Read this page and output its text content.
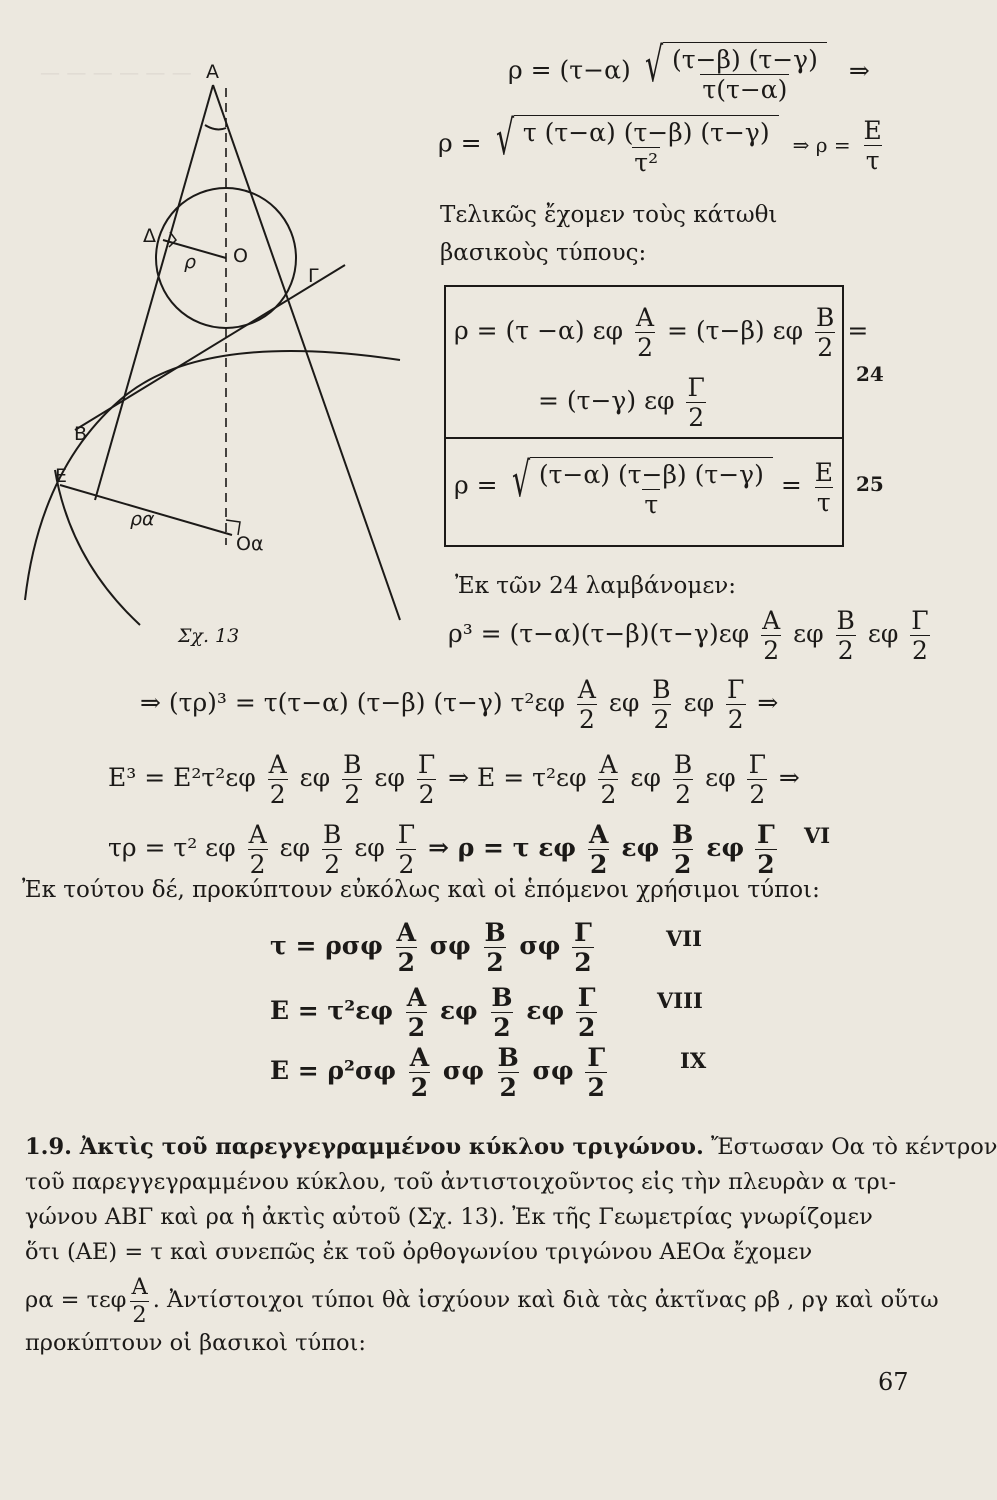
— — — — — — A
Δ
ρ O
Γ
B
E
ρα
Oα
Σχ. 13
ρ = (τ−α) √ $\frac{(\tau-\beta) (\tau-\gamma)}{\tau(\tau-\alpha)}$ ⇒
ρ = √ $\frac{\tau (\tau-\alpha) (\tau-\beta) (\tau-\gamma)}{\text{τ²}}$ ⇒ $\rho = \frac{E}{\tau}$
Τελικῶς ἔχομεν τοὺς κάτωθι βασικοὺς τύπους:
ρ = (τ −α) εφ $\frac{A}{2} = (\tau-\beta)$ εφ $\frac{B}{2}$ =
= (τ−γ) εφ $\frac{\Gamma}{2}$
ρ = √ $\frac{(\tau-\alpha) (\tau-\beta) (\tau-\gamma)}{\tau} = \frac{E}{\tau}$
24
25
Ἐκ τῶν 24 λαμβάνομεν:
$\rho^3 = (\tau-\alpha)(\tau-\beta)(\tau-\gamma)\varepsilon\varphi \frac{A}{2}$ εφ $\frac{B}{2}$ εφ $\frac{\Gamma}{2}$
⇒ (τρ)³ = τ(τ−α) (τ−β) (τ−γ) $\tau^2\varepsilon\varphi \frac{A}{2}$ εφ $\frac{B}{2}$ εφ $\frac{\Gamma}{2}$ ⇒
$E^3 = E^2\tau^2\varepsilon\varphi \frac{A}{2}$ εφ $\frac{B}{2}$ εφ $\frac{\Gamma}{2}$ ⇒ $E = \tau^2\varepsilon\varphi \frac{A}{2}$ εφ $\frac{B}{2}$ εφ $\frac{\Gamma}{2}$ ⇒
τρ = τ² εφ $\frac{A}{2}$ εφ $\frac{B}{2}$ εφ $\frac{\Gamma}{2}$ ⇒ ρ = τ εφ $\frac{A}{2}$ εφ $\frac{B}{2}$ εφ $\frac{\Gamma}{2}$ VI
Ἐκ τούτου δέ, προκύπτουν εὐκόλως καὶ οἱ ἑπόμενοι χρήσιμοι τύποι:
τ = ρσφ $\frac{A}{2}$ σφ $\frac{B}{2}$ σφ $\frac{\Gamma}{2}$	VII
$E = \tau^2\varepsilon\varphi \frac{A}{2}$ εφ $\frac{B}{2}$ εφ $\frac{\Gamma}{2}$	VIII
$E = \rho^2\sigma\varphi \frac{A}{2}$ σφ $\frac{B}{2}$ σφ $\frac{\Gamma}{2}$	IX
1.9. Ἀκτὶς τοῦ παρεγγεγραμμένου κύκλου τριγώνου. Ἔστωσαν Oα τὸ κέντρον
τοῦ παρεγγεγραμμένου κύκλου, τοῦ ἀντιστοιχοῦντος εἰς τὴν πλευρὰν α τρι-
γώνου ΑΒΓ καὶ ρα ἡ ἀκτὶς αὐτοῦ (Σχ. 13). Ἐκ τῆς Γεωμετρίας γνωρίζομεν
ὅτι (ΑΕ) = τ καὶ συνεπῶς ἐκ τοῦ ὀρθογωνίου τριγώνου ΑΕOα ἔχομεν
ρα = τεφ $\frac{A}{2}$ . Ἀντίστοιχοι τύποι θὰ ἰσχύουν καὶ διὰ τὰς ἀκτῖνας ρβ , ργ καὶ οὕτω
προκύπτουν οἱ βασικοὶ τύποι:
67
